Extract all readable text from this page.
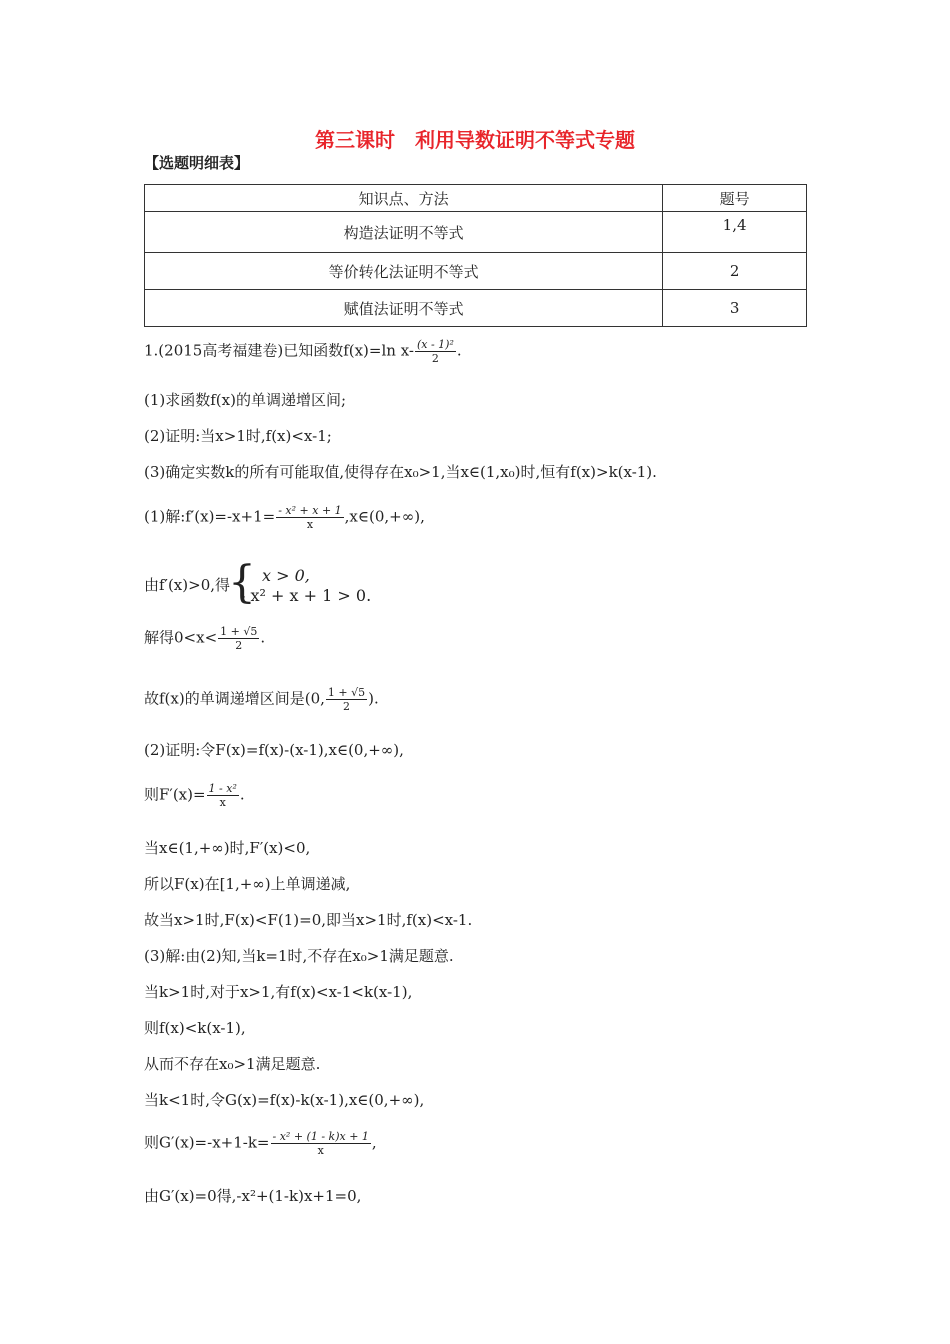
第三课时　利用导数证明不等式专题
【选题明细表】
知识点、方法	题号
构造法证明不等式	1,4
等价转化法证明不等式	2
赋值法证明不等式	3
1.(2015高考福建卷)已知函数f(x)=ln $x- \frac{\text{(x - 1)²}}{2}$ .
(1)求函数f(x)的单调递增区间;
(2)证明:当x>1时,f(x)<x-1;
(3)确定实数k的所有可能取值,使得存在x₀>1,当x∈(1,x₀)时,恒有f(x)>k(x-1).
(1)解:f′(x)=-x+1= $\frac{\text{- x² + x + 1}}{x}$ ,x∈(0,+∞),
由f′(x)>0,得
{ x > 0,
- x² + x + 1 > 0.
解得$0<x< \frac{1 + √5}{2}$ .
故f(x)的单调递增区间是(0, $\frac{1 + √5}{2}$ ).
(2)证明:令F(x)=f(x)-(x-1),x∈(0,+∞),
则$F'(x)= \frac{\text{1 - x²}}{x}$ .
当x∈(1,+∞)时,F′(x)<0,
所以F(x)在[1,+∞)上单调递减,
故当x>1时,F(x)<F(1)=0,即当x>1时,f(x)<x-1.
(3)解:由(2)知,当k=1时,不存在x₀>1满足题意.
当k>1时,对于x>1,有f(x)<x-1<k(x-1),
则f(x)<k(x-1),
从而不存在x₀>1满足题意.
当k<1时,令G(x)=f(x)-k(x-1),x∈(0,+∞),
则$G'(x)=-x+1-k= \frac{\text{- x² + (1 - k)x + 1}}{x}$ ,
由G′(x)=0得,-x²+(1-k)x+1=0,
